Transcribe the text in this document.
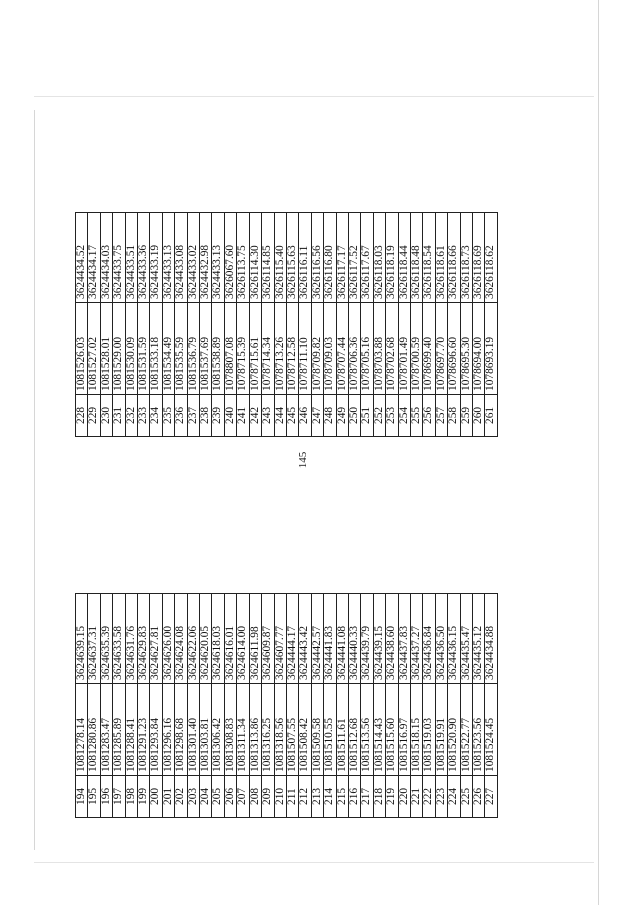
194	1081278.14	3624639.15
195	1081280.86	3624637.31
196	1081283.47	3624635.39
197	1081285.89	3624633.58
198	1081288.41	3624631.76
199	1081291.23	3624629.83
200	1081293.84	3624627.81
201	1081296.16	3624626.00
202	1081298.68	3624624.08
203	1081301.40	3624622.06
204	1081303.81	3624620.05
205	1081306.42	3624618.03
206	1081308.83	3624616.01
207	1081311.34	3624614.00
208	1081313.86	3624611.98
209	1081316.25	3624609.87
210	1081318.56	3624607.77
211	1081507.55	3624444.17
212	1081508.42	3624443.42
213	1081509.58	3624442.57
214	1081510.55	3624441.83
215	1081511.61	3624441.08
216	1081512.68	3624440.33
217	1081513.56	3624439.79
218	1081514.43	3624439.15
219	1081515.60	3624438.60
220	1081516.97	3624437.83
221	1081518.15	3624437.27
222	1081519.03	3624436.84
223	1081519.91	3624436.50
224	1081520.90	3624436.15
225	1081522.77	3624435.47
226	1081523.56	3624435.12
227	1081524.45	3624434.88
145
228	1081526.03	3624434.52
229	1081527.02	3624434.17
230	1081528.01	3624434.03
231	1081529.00	3624433.75
232	1081530.09	3624433.51
233	1081531.59	3624433.36
234	1081533.18	3624433.19
235	1081534.49	3624433.13
236	1081535.59	3624433.08
237	1081536.79	3624433.02
238	1081537.69	3624432.98
239	1081538.89	3624433.13
240	1078807.08	3626067.60
241	1078715.39	3626113.75
242	1078715.61	3626114.30
243	1078714.34	3626114.85
244	1078713.26	3626115.40
245	1078712.58	3626115.63
246	1078711.10	3626116.11
247	1078709.82	3626116.56
248	1078709.03	3626116.80
249	1078707.44	3626117.17
250	1078706.36	3626117.52
251	1078705.16	3626117.67
252	1078703.88	3626118.03
253	1078702.68	3626118.19
254	1078701.49	3626118.44
255	1078700.59	3626118.48
256	1078699.40	3626118.54
257	1078697.70	3626118.61
258	1078696.60	3626118.66
259	1078695.30	3626118.73
260	1078694.00	3626118.69
261	1078693.19	3626118.62
